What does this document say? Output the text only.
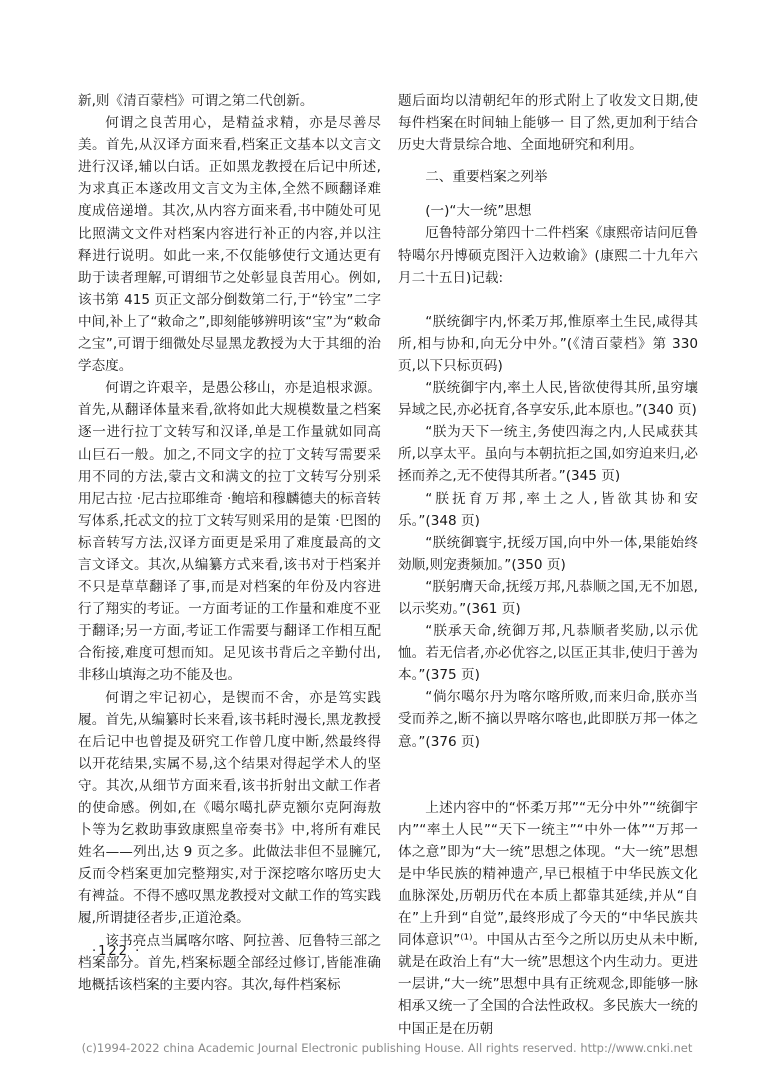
新,则《清百蒙档》可谓之第二代创新。

何谓之良苦用心，是精益求精，亦是尽善尽美。首先,从汉译方面来看,档案正文基本以文言文进行汉译,辅以白话。正如黑龙教授在后记中所述,为求真正本遂改用文言文为主体,全然不顾翻译难度成倍递增。其次,从内容方面来看,书中随处可见比照满文文件对档案内容进行补正的内容,并以注释进行说明。如此一来,不仅能够使行文通达更有助于读者理解,可谓细节之处彰显良苦用心。例如,该书第 415 页正文部分倒数第二行,于“钤宝”二字中间,补上了“敕命之”,即刻能够辨明该“宝”为“敕命之宝”,可谓于细微处尽显黑龙教授为大于其细的治学态度。

何谓之许艰辛，是愚公移山，亦是追根求源。首先,从翻译体量来看,欲将如此大规模数量之档案逐一进行拉丁文转写和汉译,单是工作量就如同高山巨石一般。加之,不同文字的拉丁文转写需要采用不同的方法,蒙古文和满文的拉丁文转写分别采用尼古拉 ·尼古拉耶维奇 ·鲍培和穆麟德夫的标音转写体系,托忒文的拉丁文转写则采用的是策 ·巴图的标音转写方法,汉译方面更是采用了难度最高的文言文译文。其次,从编纂方式来看,该书对于档案并不只是草草翻译了事,而是对档案的年份及内容进行了翔实的考证。一方面考证的工作量和难度不亚于翻译;另一方面,考证工作需要与翻译工作相互配合衔接,难度可想而知。足见该书背后之辛勤付出,非移山填海之功不能及也。

何谓之牢记初心，是锲而不舍，亦是笃实践履。首先,从编纂时长来看,该书耗时漫长,黑龙教授在后记中也曾提及研究工作曾几度中断,然最终得以开花结果,实属不易,这个结果对得起学术人的坚守。其次,从细节方面来看,该书折射出文献工作者的使命感。例如,在《噶尔噶扎萨克额尔克阿海敖卜等为乞救助事致康熙皇帝奏书》中,将所有难民姓名——列出,达 9 页之多。此做法非但不显臃冗,反而令档案更加完整翔实,对于深挖喀尔喀历史大有裨益。不得不感叹黑龙教授对文献工作的笃实践履,所谓捷径者步,正道沧桑。

该书亮点当属喀尔喀、阿拉善、厄鲁特三部之档案部分。首先,档案标题全部经过修订,皆能准确地概括该档案的主要内容。其次,每件档案标

题后面均以清朝纪年的形式附上了收发文日期,使每件档案在时间轴上能够一 目了然,更加利于结合历史大背景综合地、全面地研究和利用。

二、重要档案之列举

(一)“大一统”思想

厄鲁特部分第四十二件档案《康熙帝诘问厄鲁特噶尔丹博硕克图汗入边敕谕》(康熙二十九年六月二十五日)记载:

“朕统御宇内,怀柔万邦,惟原率土生民,咸得其所,相与协和,向无分中外。”(《清百蒙档》第 330 页,以下只标页码)

“朕统御宇内,率土人民,皆欲使得其所,虽穷壤异域之民,亦必抚育,各享安乐,此本原也。”(340 页)

“朕为天下一统主,务使四海之内,人民咸获其所,以享太平。虽向与本朝抗拒之国,如穷迫来归,必拯而养之,无不使得其所者。”(345 页)

“朕抚育万邦,率土之人,皆欲其协和安乐。”(348 页)

“朕统御寰宇,抚绥万国,向中外一体,果能始终効顺,则宠赉频加。”(350 页)

“朕躬膺天命,抚绥万邦,凡恭顺之国,无不加恩,以示奖劝。”(361 页)

“朕承天命,统御万邦,凡恭顺者奖励,以示优恤。若无信者,亦必优容之,以匡正其非,使归于善为本。”(375 页)

“倘尔噶尔丹为喀尔喀所败,而来归命,朕亦当受而养之,断不摘以畀喀尔喀也,此即朕万邦一体之意。”(376 页)

上述内容中的“怀柔万邦”“无分中外”“统御宇内”“率土人民”“天下一统主”“中外一体”“万邦一体之意”即为“大一统”思想之体现。“大一统”思想是中华民族的精神遗产,早已根植于中华民族文化血脉深处,历朝历代在本质上都靠其延续,并从“自在”上升到“自觉”,最终形成了今天的“中华民族共同体意识”⁽¹⁾。中国从古至今之所以历史从未中断,就是在政治上有“大一统”思想这个内生动力。更进一层讲,“大一统”思想中具有正统观念,即能够一脉相承又统一了全国的合法性政权。多民族大一统的中国正是在历朝

·122 ·
(c)1994-2022 china Academic Journal Electronic publishing House. All rights reserved. http://www.cnki.net
